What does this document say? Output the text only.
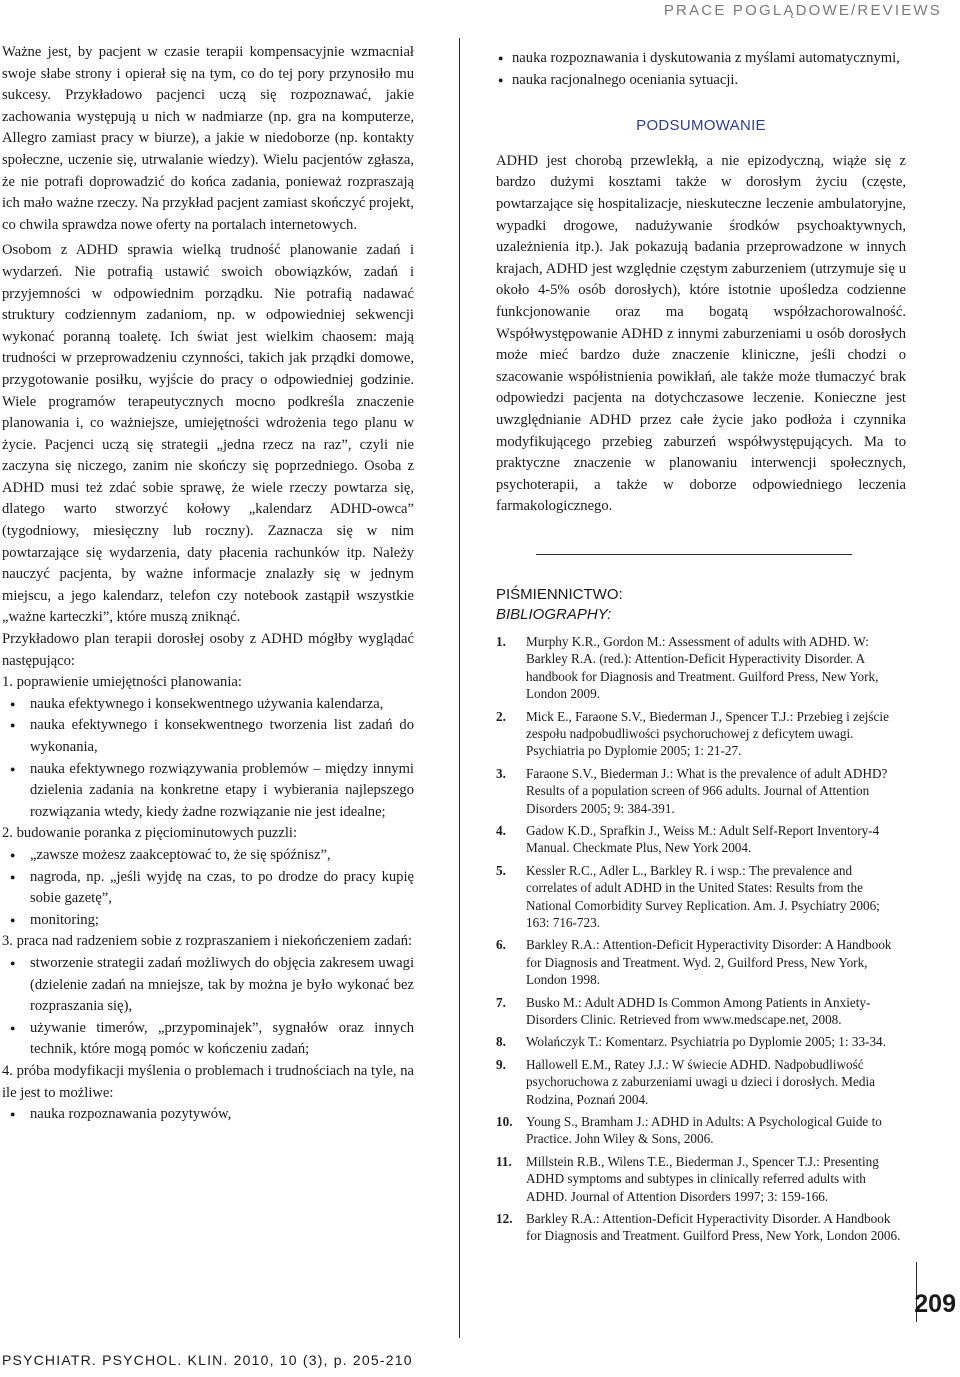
PRACE POGLĄDOWE/REVIEWS

Ważne jest, by pacjent w czasie terapii kompensacyjnie wzmacniał swoje słabe strony i opierał się na tym, co do tej pory przynosiło mu sukcesy. Przykładowo pacjenci uczą się rozpoznawać, jakie zachowania występują u nich w nadmiarze (np. gra na komputerze, Allegro zamiast pracy w biurze), a jakie w niedoborze (np. kontakty społeczne, uczenie się, utrwalanie wiedzy). Wielu pacjentów zgłasza, że nie potrafi doprowadzić do końca zadania, ponieważ rozpraszają ich mało ważne rzeczy. Na przykład pacjent zamiast skończyć projekt, co chwila sprawdza nowe oferty na portalach internetowych.

Osobom z ADHD sprawia wielką trudność planowanie zadań i wydarzeń. Nie potrafią ustawić swoich obowiązków, zadań i przyjemności w odpowiednim porządku. Nie potrafią nadawać struktury codziennym zadaniom, np. w odpowiedniej sekwencji wykonać poranną toaletę. Ich świat jest wielkim chaosem: mają trudności w przeprowadzeniu czynności, takich jak prządki domowe, przygotowanie posiłku, wyjście do pracy o odpowiedniej godzinie. Wiele programów terapeutycznych mocno podkreśla znaczenie planowania i, co ważniejsze, umiejętności wdrożenia tego planu w życie. Pacjenci uczą się strategii „jedna rzecz na raz”, czyli nie zaczyna się niczego, zanim nie skończy się poprzedniego. Osoba z ADHD musi też zdać sobie sprawę, że wiele rzeczy powtarza się, dlatego warto stworzyć kołowy „kalendarz ADHD-owca” (tygodniowy, miesięczny lub roczny). Zaznacza się w nim powtarzające się wydarzenia, daty płacenia rachunków itp. Należy nauczyć pacjenta, by ważne informacje znalazły się w jednym miejscu, a jego kalendarz, telefon czy notebook zastąpił wszystkie „ważne karteczki”, które muszą zniknąć.

Przykładowo plan terapii dorosłej osoby z ADHD mógłby wyglądać następująco:

1. poprawienie umiejętności planowania:
● nauka efektywnego i konsekwentnego używania kalendarza,
● nauka efektywnego i konsekwentnego tworzenia list zadań do wykonania,
● nauka efektywnego rozwiązywania problemów – między innymi dzielenia zadania na konkretne etapy i wybierania najlepszego rozwiązania wtedy, kiedy żadne rozwiązanie nie jest idealne;
2. budowanie poranka z pięciominutowych puzzli:
● „zawsze możesz zaakceptować to, że się spóźnisz”,
● nagroda, np. „jeśli wyjdę na czas, to po drodze do pracy kupię sobie gazetę”,
● monitoring;
3. praca nad radzeniem sobie z rozpraszaniem i niekończeniem zadań:
● stworzenie strategii zadań możliwych do objęcia zakresem uwagi (dzielenie zadań na mniejsze, tak by można je było wykonać bez rozpraszania się),
● używanie timerów, „przypominajek”, sygnałów oraz innych technik, które mogą pomóc w kończeniu zadań;
4. próba modyfikacji myślenia o problemach i trudnościach na tyle, na ile jest to możliwe:
● nauka rozpoznawania pozytywów,
● nauka rozpoznawania i dyskutowania z myślami automatycznymi,
● nauka racjonalnego oceniania sytuacji.
PODSUMOWANIE

ADHD jest chorobą przewlekłą, a nie epizodyczną, wiąże się z bardzo dużymi kosztami także w dorosłym życiu (częste, powtarzające się hospitalizacje, nieskuteczne leczenie ambulatoryjne, wypadki drogowe, nadużywanie środków psychoaktywnych, uzależnienia itp.). Jak pokazują badania przeprowadzone w innych krajach, ADHD jest względnie częstym zaburzeniem (utrzymuje się u około 4-5% osób dorosłych), które istotnie upośledza codzienne funkcjonowanie oraz ma bogatą współzachorowalność. Współwystępowanie ADHD z innymi zaburzeniami u osób dorosłych może mieć bardzo duże znaczenie kliniczne, jeśli chodzi o szacowanie współistnienia powikłań, ale także może tłumaczyć brak odpowiedzi pacjenta na dotychczasowe leczenie. Konieczne jest uwzględnianie ADHD przez całe życie jako podłoża i czynnika modyfikującego przebieg zaburzeń współwystępujących. Ma to praktyczne znaczenie w planowaniu interwencji społecznych, psychoterapii, a także w doborze odpowiedniego leczenia farmakologicznego.

PIŚMIENNICTWO:
BIBLIOGRAPHY:
1. Murphy K.R., Gordon M.: Assessment of adults with ADHD. W: Barkley R.A. (red.): Attention-Deficit Hyperactivity Disorder. A handbook for Diagnosis and Treatment. Guilford Press, New York, London 2009.
2. Mick E., Faraone S.V., Biederman J., Spencer T.J.: Przebieg i zejście zespołu nadpobudliwości psychoruchowej z deficytem uwagi. Psychiatria po Dyplomie 2005; 1: 21-27.
3. Faraone S.V., Biederman J.: What is the prevalence of adult ADHD? Results of a population screen of 966 adults. Journal of Attention Disorders 2005; 9: 384-391.
4. Gadow K.D., Sprafkin J., Weiss M.: Adult Self-Report Inventory-4 Manual. Checkmate Plus, New York 2004.
5. Kessler R.C., Adler L., Barkley R. i wsp.: The prevalence and correlates of adult ADHD in the United States: Results from the National Comorbidity Survey Replication. Am. J. Psychiatry 2006; 163: 716-723.
6. Barkley R.A.: Attention-Deficit Hyperactivity Disorder: A Handbook for Diagnosis and Treatment. Wyd. 2, Guilford Press, New York, London 1998.
7. Busko M.: Adult ADHD Is Common Among Patients in Anxiety-Disorders Clinic. Retrieved from www.medscape.net, 2008.
8. Wolańczyk T.: Komentarz. Psychiatria po Dyplomie 2005; 1: 33-34.
9. Hallowell E.M., Ratey J.J.: W świecie ADHD. Nadpobudliwość psychoruchowa z zaburzeniami uwagi u dzieci i dorosłych. Media Rodzina, Poznań 2004.
10. Young S., Bramham J.: ADHD in Adults: A Psychological Guide to Practice. John Wiley & Sons, 2006.
11. Millstein R.B., Wilens T.E., Biederman J., Spencer T.J.: Presenting ADHD symptoms and subtypes in clinically referred adults with ADHD. Journal of Attention Disorders 1997; 3: 159-166.
12. Barkley R.A.: Attention-Deficit Hyperactivity Disorder. A Handbook for Diagnosis and Treatment. Guilford Press, New York, London 2006.
209
PSYCHIATR. PSYCHOL. KLIN. 2010, 10 (3), p. 205-210
